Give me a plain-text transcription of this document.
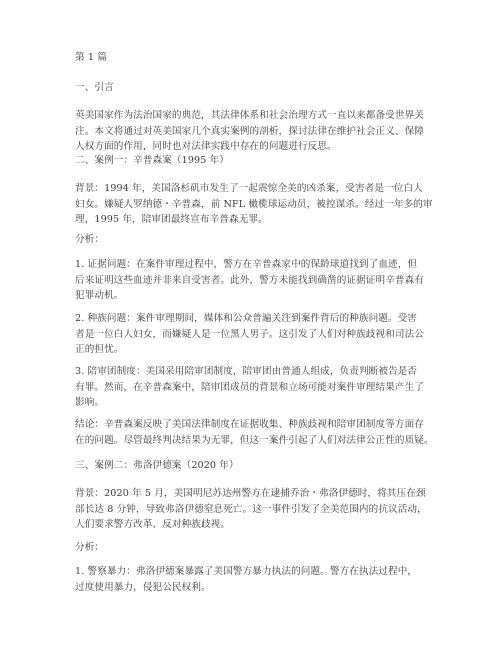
第 1 篇

一、引言

英美国家作为法治国家的典范，其法律体系和社会治理方式一直以来都备受世界关
注。本文将通过对英美国家几个真实案例的剖析，探讨法律在维护社会正义、保障
人权方面的作用，同时也对法律实践中存在的问题进行反思。

二、案例一：辛普森案（1995 年）

背景：1994 年，美国洛杉矶市发生了一起震惊全美的凶杀案，受害者是一位白人
妇女。嫌疑人罗纳德・辛普森，前 NFL 橄榄球运动员，被控谋杀。经过一年多的审
理，1995 年，陪审团最终宣布辛普森无罪。

分析：

1. 证据问题：在案件审理过程中，警方在辛普森家中的保龄球道找到了血迹，但
后来证明这些血迹并非来自受害者。此外，警方未能找到确凿的证据证明辛普森有
犯罪动机。

2. 种族问题：案件审理期间，媒体和公众普遍关注到案件背后的种族问题。受害
者是一位白人妇女，而嫌疑人是一位黑人男子。这引发了人们对种族歧视和司法公
正的担忧。

3. 陪审团制度：美国采用陪审团制度，陪审团由普通人组成，负责判断被告是否
有罪。然而，在辛普森案中，陪审团成员的背景和立场可能对案件审理结果产生了
影响。

结论：辛普森案反映了美国法律制度在证据收集、种族歧视和陪审团制度等方面存
在的问题。尽管最终判决结果为无罪，但这一案件引起了人们对法律公正性的质疑。

三、案例二：弗洛伊德案（2020 年）

背景：2020 年 5 月，美国明尼苏达州警方在逮捕乔治・弗洛伊德时，将其压在颈
部长达 8 分钟，导致弗洛伊德窒息死亡。这一事件引发了全美范围内的抗议活动，
人们要求警方改革、反对种族歧视。

分析：

1. 警察暴力：弗洛伊德案暴露了美国警方暴力执法的问题。警方在执法过程中，
过度使用暴力，侵犯公民权利。
